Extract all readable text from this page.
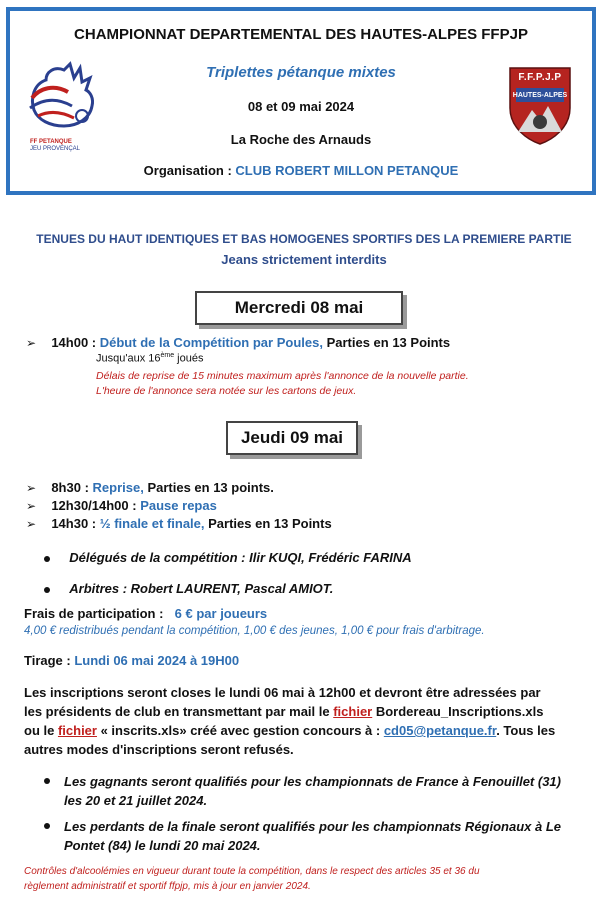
CHAMPIONNAT DEPARTEMENTAL DES HAUTES-ALPES FFPJP
Triplettes pétanque mixtes
08 et 09 mai 2024
La Roche des Arnauds
Organisation : CLUB ROBERT MILLON PETANQUE
FF PETANQUE
JEU PROVENÇAL
F.F.P.J.P
HAUTES-ALPES
TENUES DU HAUT IDENTIQUES ET BAS HOMOGENES SPORTIFS DES LA PREMIERE PARTIE
Jeans strictement interdits
Mercredi 08 mai
➢ 14h00 : Début de la Compétition par Poules, Parties en 13 Points
Jusqu'aux 16ème joués
Délais de reprise de 15 minutes maximum après l'annonce de la nouvelle partie.
L'heure de l'annonce sera notée sur les cartons de jeux.
Jeudi 09 mai
➢ 8h30 : Reprise, Parties en 13 points.
➢ 12h30/14h00 : Pause repas
➢ 14h30 : ½ finale et finale, Parties en 13 Points
Délégués de la compétition : Ilir KUQI, Frédéric FARINA
Arbitres : Robert LAURENT, Pascal AMIOT.
Frais de participation : 6 € par joueurs
4,00 € redistribués pendant la compétition, 1,00 € des jeunes, 1,00 € pour frais d'arbitrage.
Tirage : Lundi 06 mai 2024 à 19H00
Les inscriptions seront closes le lundi 06 mai à 12h00 et devront être adressées par
les présidents de club en transmettant par mail le fichier Bordereau_Inscriptions.xls
ou le fichier « inscrits.xls» créé avec gestion concours à : cd05@petanque.fr. Tous les
autres modes d'inscriptions seront refusés.
Les gagnants seront qualifiés pour les championnats de France à Fenouillet (31)
les 20 et 21 juillet 2024.
Les perdants de la finale seront qualifiés pour les championnats Régionaux à Le
Pontet (84) le lundi 20 mai 2024.
Contrôles d'alcoolémies en vigueur durant toute la compétition, dans le respect des articles 35 et 36 du
règlement administratif et sportif ffpjp, mis à jour en janvier 2024.
